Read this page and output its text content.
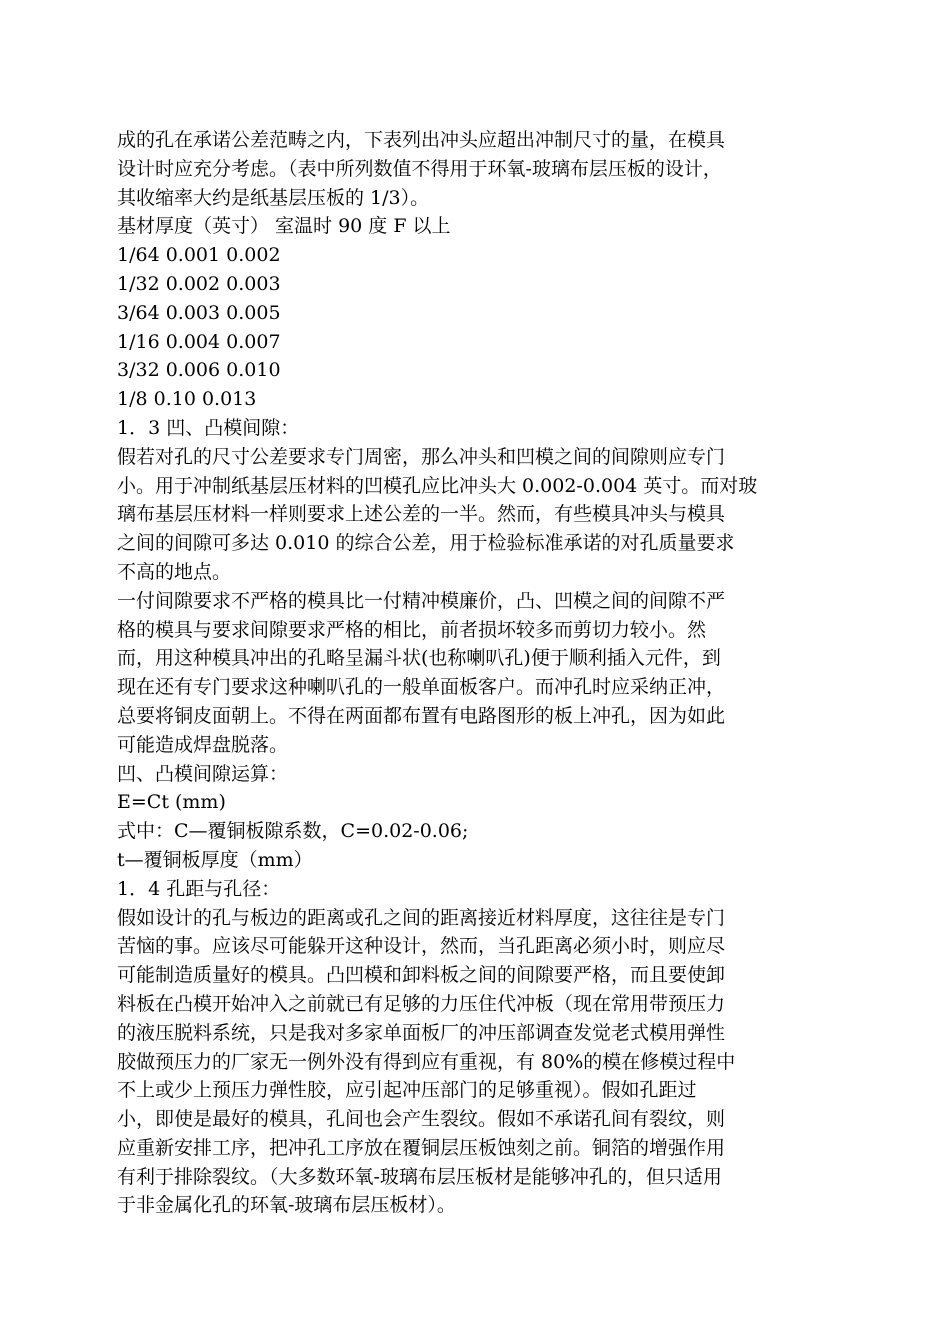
成的孔在承诺公差范畴之内，下表列出冲头应超出冲制尺寸的量，在模具
设计时应充分考虑。（表中所列数值不得用于环氧-玻璃布层压板的设计，
其收缩率大约是纸基层压板的 1/3）。

基材厚度（英寸） 室温时 90 度 F 以上
1/64 0.001 0.002
1/32 0.002 0.003
3/64 0.003 0.005
1/16 0.004 0.007
3/32 0.006 0.010
1/8 0.10 0.013
1．3 凹、凸模间隙：

假若对孔的尺寸公差要求专门周密，那么冲头和凹模之间的间隙则应专门
小。用于冲制纸基层压材料的凹模孔应比冲头大 0.002-0.004 英寸。而对玻
璃布基层压材料一样则要求上述公差的一半。然而，有些模具冲头与模具
之间的间隙可多达 0.010 的综合公差，用于检验标准承诺的对孔质量要求
不高的地点。

一付间隙要求不严格的模具比一付精冲模廉价，凸、凹模之间的间隙不严
格的模具与要求间隙要求严格的相比，前者损坏较多而剪切力较小。然
而，用这种模具冲出的孔略呈漏斗状(也称喇叭孔)便于顺利插入元件，到
现在还有专门要求这种喇叭孔的一般单面板客户。而冲孔时应采纳正冲，
总要将铜皮面朝上。不得在两面都布置有电路图形的板上冲孔，因为如此
可能造成焊盘脱落。

凹、凸模间隙运算：
E=Ct (mm)
式中：C—覆铜板隙系数，C=0.02-0.06;
t—覆铜板厚度（mm）
1．4 孔距与孔径：

假如设计的孔与板边的距离或孔之间的距离接近材料厚度，这往往是专门
苦恼的事。应该尽可能躲开这种设计，然而，当孔距离必须小时，则应尽
可能制造质量好的模具。凸凹模和卸料板之间的间隙要严格，而且要使卸
料板在凸模开始冲入之前就已有足够的力压住代冲板（现在常用带预压力
的液压脱料系统，只是我对多家单面板厂的冲压部调查发觉老式模用弹性
胶做预压力的厂家无一例外没有得到应有重视，有 80%的模在修模过程中
不上或少上预压力弹性胶，应引起冲压部门的足够重视）。假如孔距过
小，即使是最好的模具，孔间也会产生裂纹。假如不承诺孔间有裂纹，则
应重新安排工序，把冲孔工序放在覆铜层压板蚀刻之前。铜箔的增强作用
有利于排除裂纹。（大多数环氧-玻璃布层压板材是能够冲孔的，但只适用
于非金属化孔的环氧-玻璃布层压板材）。
